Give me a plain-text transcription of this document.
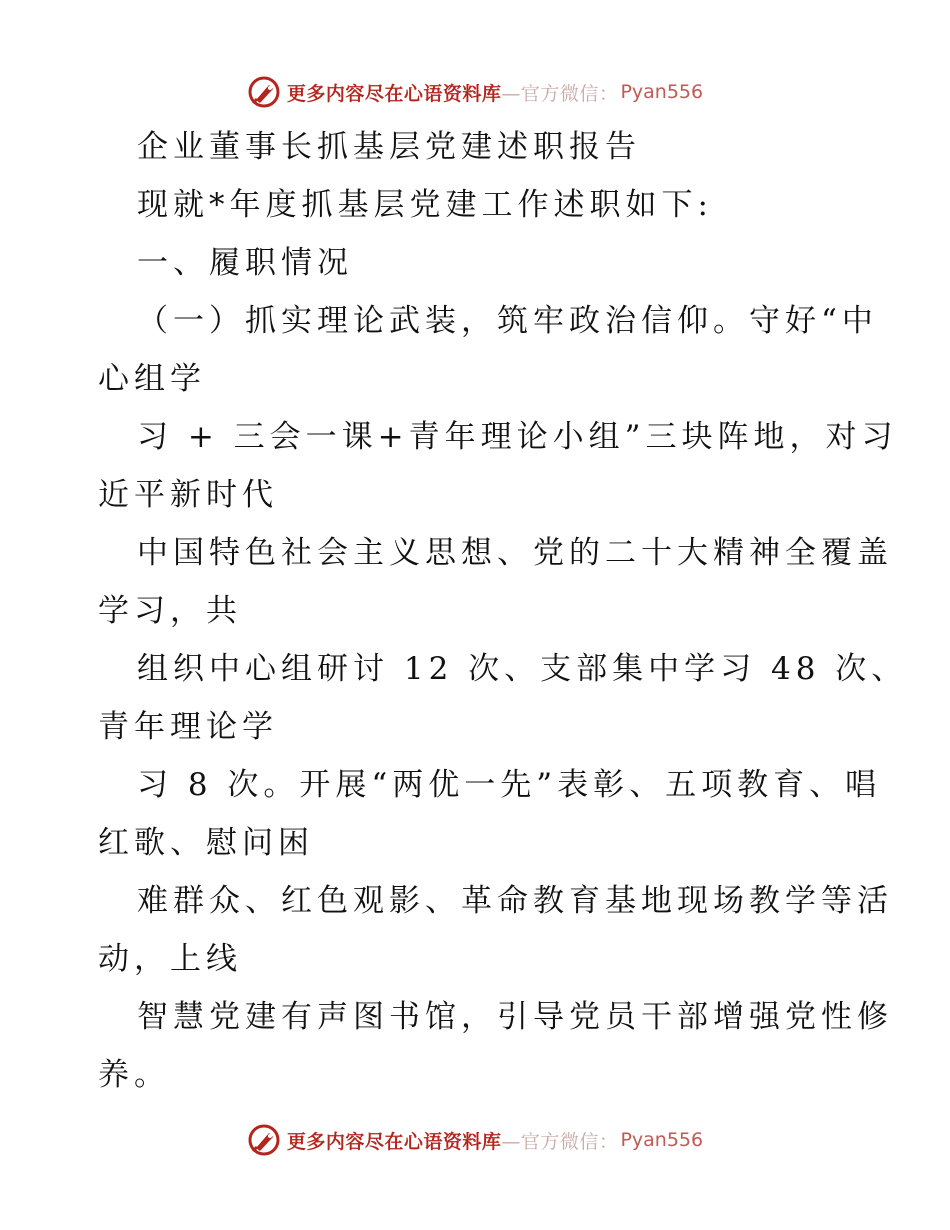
更多内容尽在心语资料库 —官方微信： Pyan556
企业董事长抓基层党建述职报告
现就*年度抓基层党建工作述职如下:
一、履职情况
（一）抓实理论武装，筑牢政治信仰。守好“中
心组学
习 + 三会一课+青年理论小组”三块阵地，对习
近平新时代
中国特色社会主义思想、党的二十大精神全覆盖
学习，共
组织中心组研讨 12 次、支部集中学习 48 次、
青年理论学
习 8 次。开展“两优一先”表彰、五项教育、唱
红歌、慰问困
难群众、红色观影、革命教育基地现场教学等活
动，上线
智慧党建有声图书馆，引导党员干部增强党性修
养。
更多内容尽在心语资料库 —官方微信： Pyan556
